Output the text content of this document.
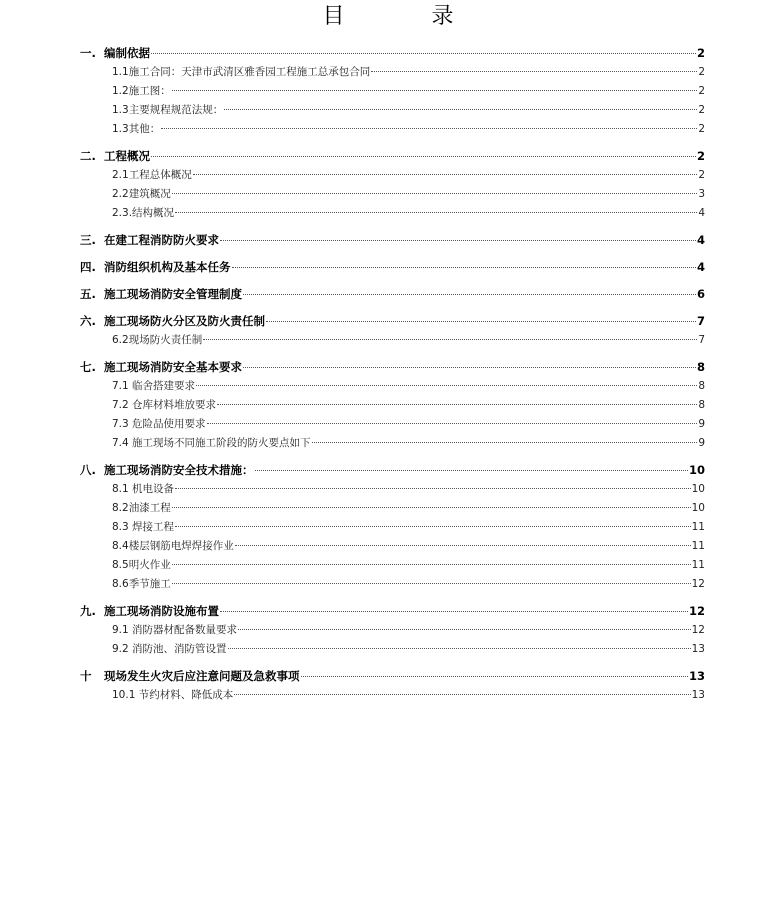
目 录
一. 编制依据	2
1.1施工合同：天津市武清区雅香园工程施工总承包合同	2
1.2施工图：	2
1.3主要规程规范法规：	2
1.3其他：	2
二. 工程概况	2
2.1工程总体概况	2
2.2建筑概况	3
2.3.结构概况	4
三. 在建工程消防防火要求	4
四. 消防组织机构及基本任务	4
五. 施工现场消防安全管理制度	6
六. 施工现场防火分区及防火责任制	7
6.2现场防火责任制	7
七. 施工现场消防安全基本要求	8
7.1 临舍搭建要求	8
7.2 仓库材料堆放要求	8
7.3 危险品使用要求	9
7.4 施工现场不同施工阶段的防火要点如下	9
八. 施工现场消防安全技术措施：	10
8.1 机电设备	10
8.2油漆工程	10
8.3 焊接工程	11
8.4楼层钢筋电焊焊接作业	11
8.5明火作业	11
8.6季节施工	12
九. 施工现场消防设施布置	12
9.1 消防器材配备数量要求	12
9.2 消防池、消防管设置	13
十	现场发生火灾后应注意问题及急救事项	13
10.1 节约材料、降低成本	13
